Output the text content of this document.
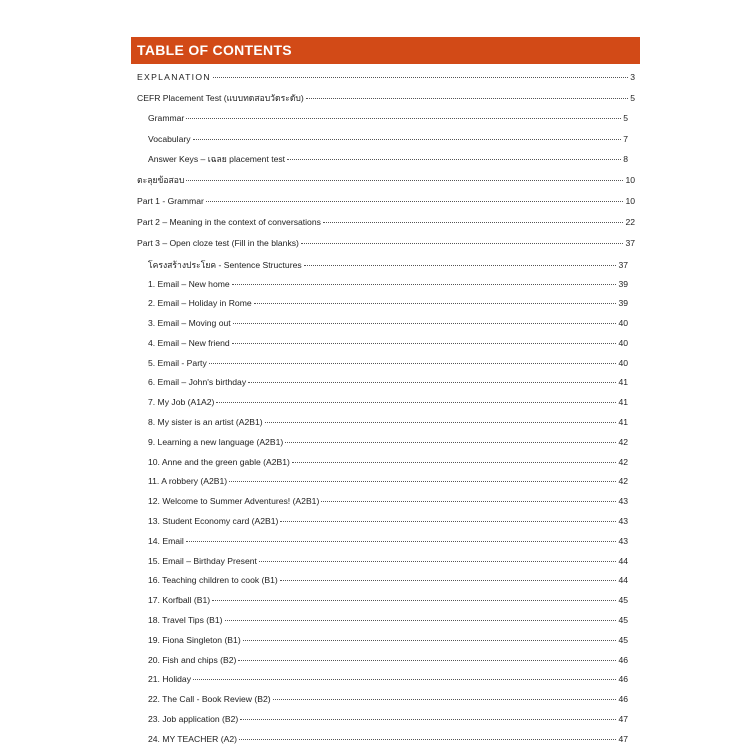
TABLE OF CONTENTS
EXPLANATION	3
CEFR Placement Test (แบบทดสอบวัดระดับ)	5
Grammar	5
Vocabulary	7
Answer Keys – เฉลย placement test	8
ตะลุยข้อสอบ	10
Part 1 - Grammar	10
Part 2 – Meaning in the context of conversations	22
Part 3 – Open cloze test (Fill in the blanks)	37
โครงสร้างประโยค - Sentence Structures	37
1. Email – New home	39
2. Email – Holiday in Rome	39
3. Email – Moving out	40
4. Email – New friend	40
5. Email - Party	40
6. Email – John's birthday	41
7. My Job (A1A2)	41
8. My sister is an artist (A2B1)	41
9. Learning a new language (A2B1)	42
10. Anne and the green gable (A2B1)	42
11. A robbery (A2B1)	42
12. Welcome to Summer Adventures! (A2B1)	43
13. Student Economy card (A2B1)	43
14. Email	43
15. Email – Birthday Present	44
16. Teaching children to cook (B1)	44
17. Korfball (B1)	45
18. Travel Tips (B1)	45
19. Fiona Singleton (B1)	45
20. Fish and chips (B2)	46
21. Holiday	46
22. The Call - Book Review (B2)	46
23. Job application (B2)	47
24. MY TEACHER (A2)	47
